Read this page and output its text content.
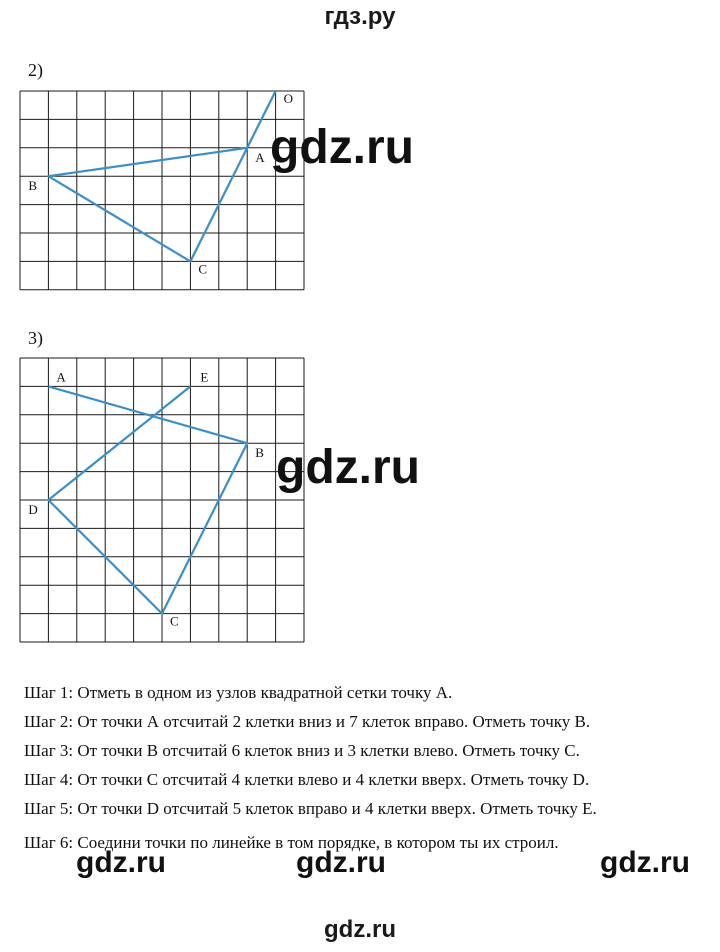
гдз.ру
2)
3)
O
A
B
C
A	E
B
D
C
gdz.ru
gdz.ru
Шаг 1: Отметь в одном из узлов квадратной сетки точку А.
Шаг 2: От точки А отсчитай 2 клетки вниз и 7 клеток вправо. Отметь точку В.
Шаг 3: От точки В отсчитай 6 клеток вниз и 3 клетки влево. Отметь точку С.
Шаг 4: От точки С отсчитай 4 клетки влево и 4 клетки вверх. Отметь точку D.
Шаг 5: От точки D отсчитай 5 клеток вправо и 4 клетки вверх. Отметь точку Е.
Шаг 6: Соедини точки по линейке в том порядке, в котором ты их строил.
gdz.ru	gdz.ru	gdz.ru
gdz.ru
